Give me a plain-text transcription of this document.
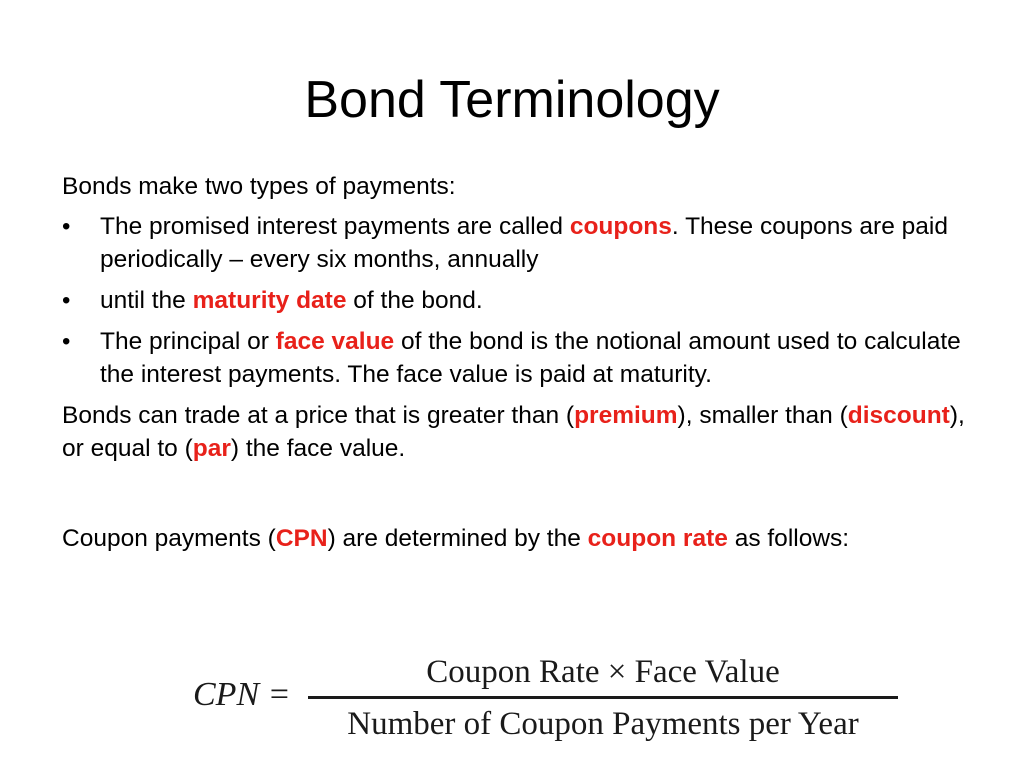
Bond Terminology

Bonds make two types of payments:

•	The promised interest payments are called coupons. These coupons are paid periodically – every six months, annually
•	until the maturity date of the bond.
•	The principal or face value of the bond is the notional amount used to calculate the interest payments. The face value is paid at maturity.

Bonds can trade at a price that is greater than (premium), smaller than (discount), or equal to (par) the face value.

Coupon payments (CPN) are determined by the coupon rate as follows:

CPN =
Coupon Rate × Face Value
Number of Coupon Payments per Year
